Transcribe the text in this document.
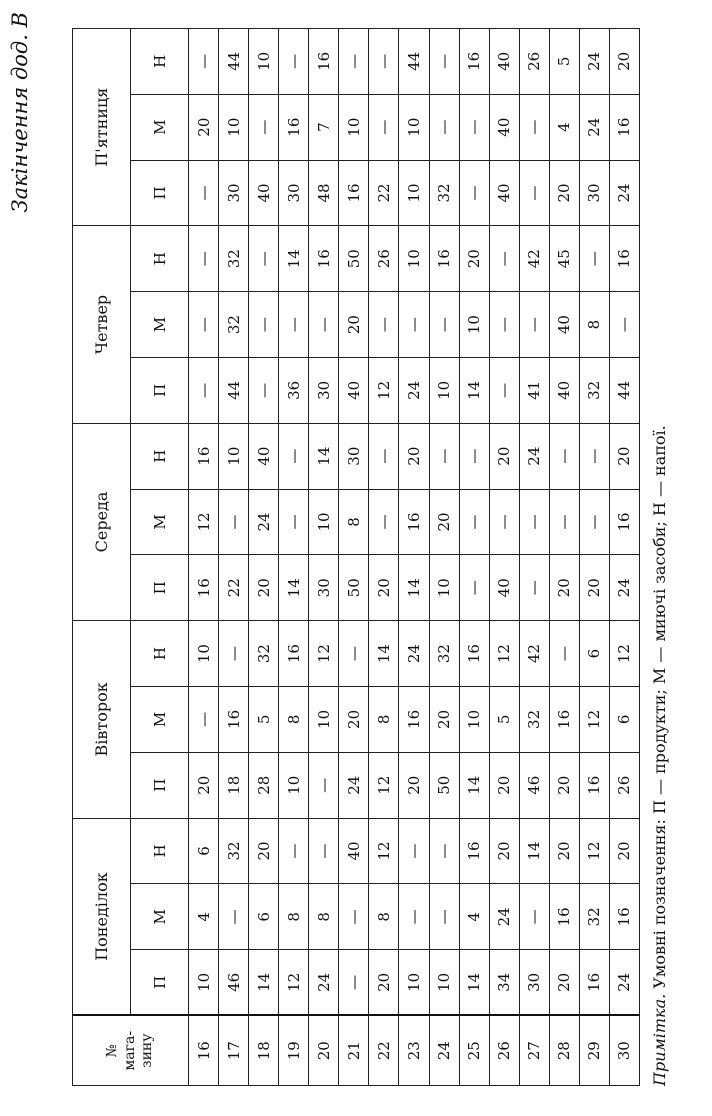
Закінчення дод. В
№ мага- зину	Понеділок			Вівторок			Середа			Четвер			П'ятниця		
	П	М	Н	П	М	Н	П	М	Н	П	М	Н	П	М	Н
16	10	4	6	20	—	10	16	12	16	—	—	—	—	20	—
17	46	—	32	18	16	—	22	—	10	44	32	32	30	10	44
18	14	6	20	28	5	32	20	24	40	—	—	—	40	—	10
19	12	8	—	10	8	16	14	—	—	36	—	14	30	16	—
20	24	8	—	—	10	12	30	10	14	30	—	16	48	7	16
21	—	—	40	24	20	—	50	8	30	40	20	50	16	10	—
22	20	8	12	12	8	14	20	—	—	12	—	26	22	—	—
23	10	—	—	20	16	24	14	16	20	24	—	10	10	10	44
24	10	—	—	50	20	32	10	20	—	10	—	16	32	—	—
25	14	4	16	14	10	16	—	—	—	14	10	20	—	—	16
26	34	24	20	20	5	12	40	—	20	—	—	—	40	40	40
27	30	—	14	46	32	42	—	—	24	41	—	42	—	—	26
28	20	16	20	20	16	—	20	—	—	40	40	45	20	4	5
29	16	32	12	16	12	6	20	—	—	32	8	—	30	24	24
30	24	16	20	26	6	12	24	16	20	44	—	16	24	16	20
Примітка. Умовні позначення: П — продукти; М — миючі засоби; Н — напої.
